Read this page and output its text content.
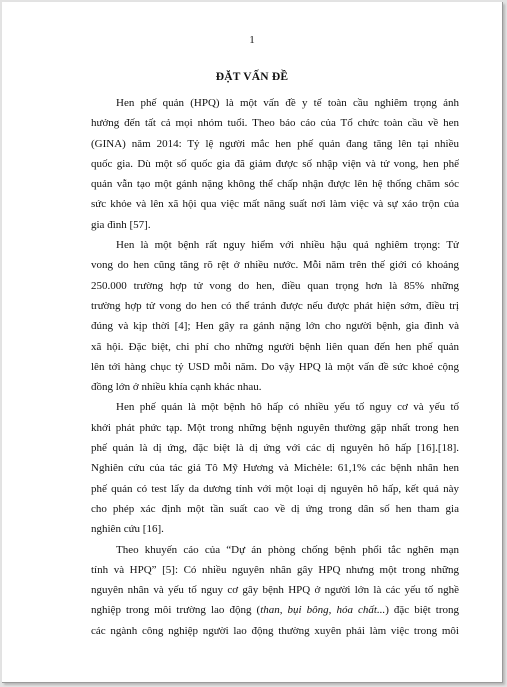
1
ĐẶT VẤN ĐỀ

Hen phế quản (HPQ) là một vấn đề y tế toàn cầu nghiêm trọng ảnh
hưởng đến tất cả mọi nhóm tuổi. Theo báo cáo của Tổ chức toàn cầu về hen
(GINA) năm 2014: Tỷ lệ người mắc hen phế quản đang tăng lên tại nhiều
quốc gia. Dù một số quốc gia đã giảm được số nhập viện và tử vong, hen phế
quản vẫn tạo một gánh nặng không thể chấp nhận được lên hệ thống chăm sóc
sức khỏe và lên xã hội qua việc mất năng suất nơi làm việc và sự xáo trộn của
gia đình [57].

Hen là một bệnh rất nguy hiểm với nhiều hậu quả nghiêm trọng: Tử
vong do hen cũng tăng rõ rệt ở nhiều nước. Mỗi năm trên thế giới có khoảng
250.000 trường hợp tử vong do hen, điều quan trọng hơn là 85% những
trường hợp tử vong do hen có thể tránh được nếu được phát hiện sớm, điều trị
đúng và kịp thời [4]; Hen gây ra gánh nặng lớn cho người bệnh, gia đình và
xã hội. Đặc biệt, chi phí cho những người bệnh liên quan đến hen phế quản
lên tới hàng chục tỷ USD mỗi năm. Do vậy HPQ là một vấn đề sức khoẻ cộng
đồng lớn ở nhiều khía cạnh khác nhau.

Hen phế quản là một bệnh hô hấp có nhiều yếu tố nguy cơ và yếu tố
khởi phát phức tạp. Một trong những bệnh nguyên thường gặp nhất trong hen
phế quản là dị ứng, đặc biệt là dị ứng với các dị nguyên hô hấp [16].[18].
Nghiên cứu của tác giả Tô Mỹ Hương và Michèle: 61,1% các bệnh nhân hen
phế quản có test lẩy da dương tính với một loại dị nguyên hô hấp, kết quả này
cho phép xác định một tần suất cao về dị ứng trong dân số hen tham gia
nghiên cứu [16].

Theo khuyến cáo của “Dự án phòng chống bệnh phổi tắc nghẽn mạn
tính và HPQ” [5]: Có nhiều nguyên nhân gây HPQ nhưng một trong những
nguyên nhân và yếu tố nguy cơ gây bệnh HPQ ở người lớn là các yếu tố nghề
nghiệp trong môi trường lao động (than, bụi bông, hóa chất...) đặc biệt trong
các ngành công nghiệp người lao động thường xuyên phải làm việc trong môi
